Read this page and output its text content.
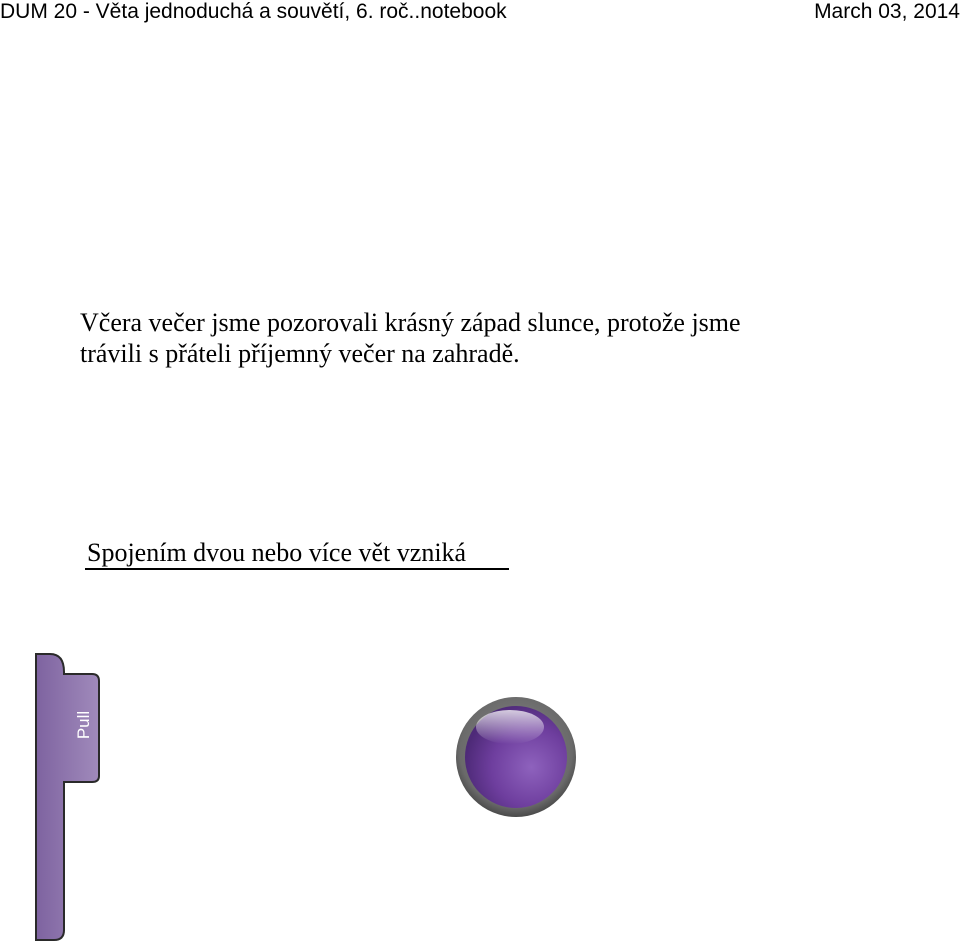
DUM 20 - Věta jednoduchá a souvětí, 6. roč..notebook	March 03, 2014
Včera večer jsme pozorovali krásný západ slunce, protože jsme
trávili s přáteli příjemný večer na zahradě.
Spojením dvou nebo více vět vzniká
Pull
